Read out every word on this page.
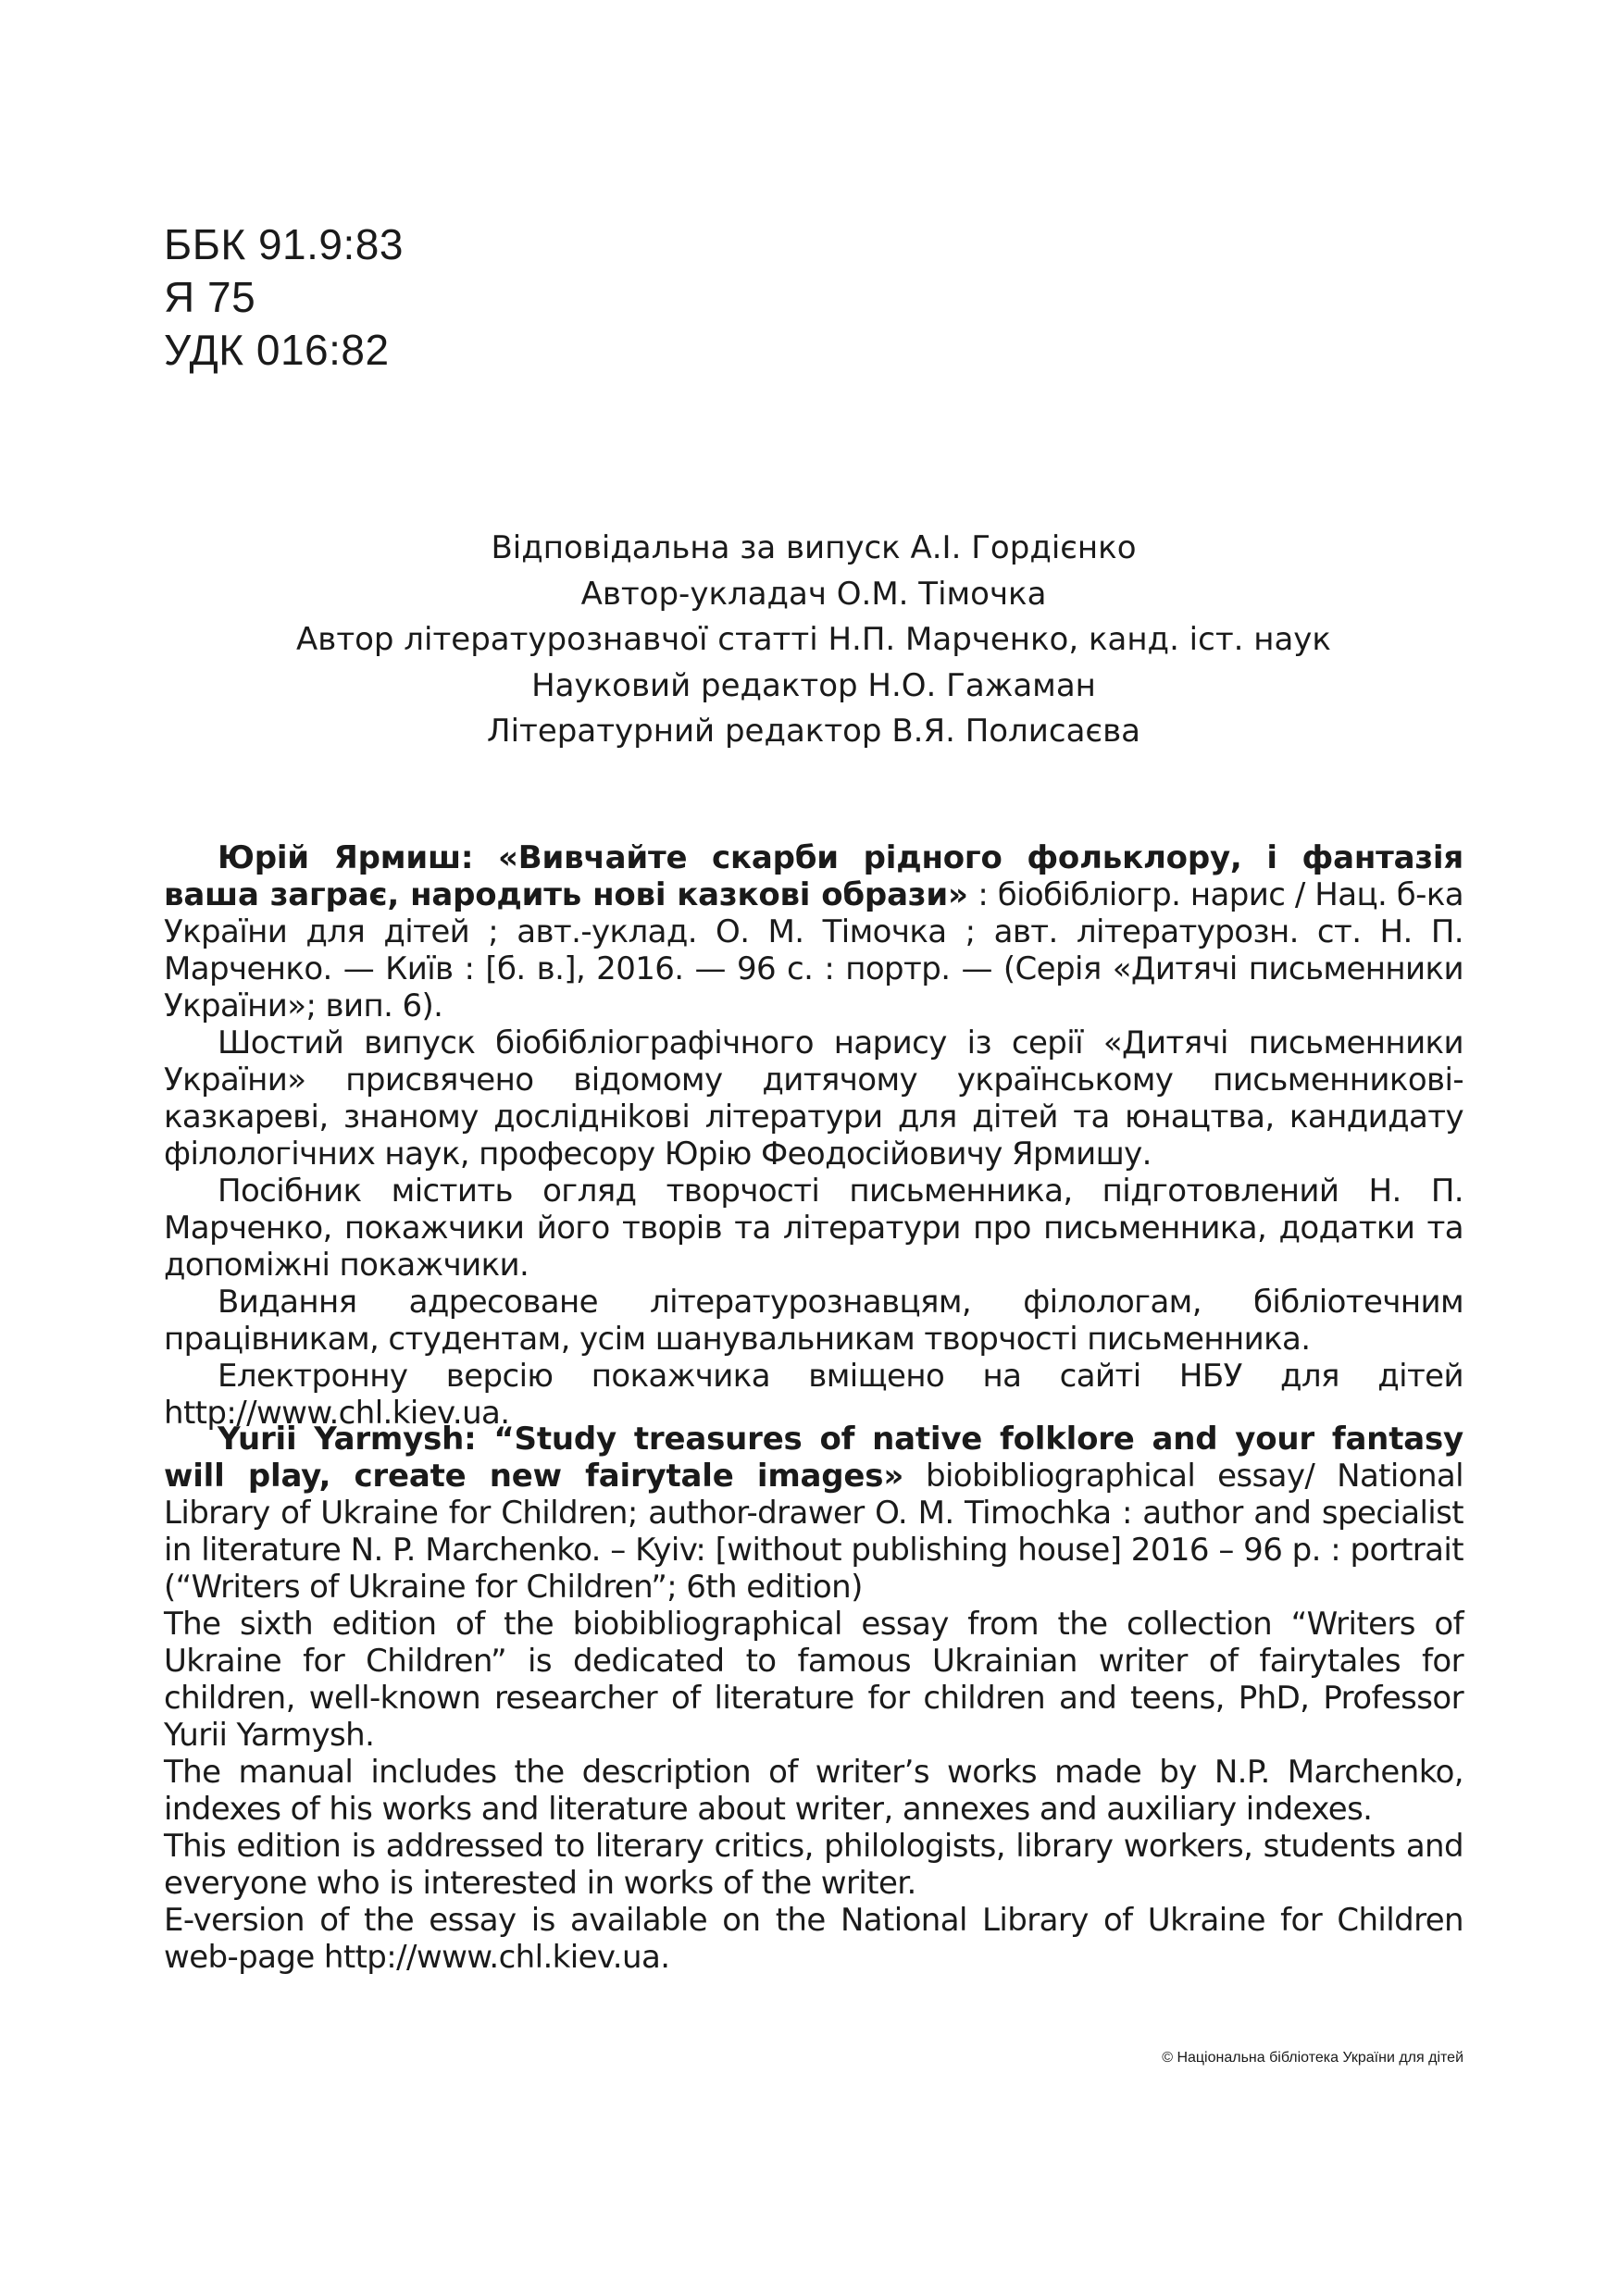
ББК 91.9:83
Я 75
УДК 016:82
Відповідальна за випуск А.І. Гордієнко
Автор-укладач О.М. Тімочка
Автор літературознавчої статті Н.П. Марченко, канд. іст. наук
Науковий редактор Н.О. Гажаман
Літературний редактор В.Я. Полисаєва

Юрій Ярмиш: «Вивчайте скарби рідного фольклору, і фантазія ваша заграє, народить нові казкові образи» : біобібліогр. нарис / Нац. б-ка України для дітей ; авт.-уклад. О. М. Тімочка ; авт. літературозн. ст. Н. П. Марченко. — Київ : [б. в.], 2016. — 96 с. : портр. — (Серія «Дитячі письменники України»; вип. 6).

Шостий випуск біобібліографічного нарису із серії «Дитячі письменники України» присвячено відомому дитячому українському письменникові-казкареві, знаному досліднikові літератури для дітей та юнацтва, кандидату філологічних наук, професору Юрію Феодосійовичу Ярмишу.

Посібник містить огляд творчості письменника, підготовлений Н. П. Марченко, покажчики його творів та літератури про письменника, додатки та допоміжні покажчики.

Видання адресоване літературознавцям, філологам, бібліотечним працівникам, студентам, усім шанувальникам творчості письменника.

Електронну версію покажчика вміщено на сайті НБУ для дітей http://www.chl.kiev.ua.

Yurii Yarmysh: “Study treasures of native folklore and your fantasy will play, create new fairytale images» biobibliographical essay/ National Library of Ukraine for Children; author-drawer O. M. Timochka : author and specialist in literature N. P. Marchenko. – Kyiv: [without publishing house] 2016 – 96 p. : portrait (“Writers of Ukraine for Children”; 6th edition)

The sixth edition of the biobibliographical essay from the collection “Writers of Ukraine for Children” is dedicated to famous Ukrainian writer of fairytales for children, well-known researcher of literature for children and teens, PhD, Professor Yurii Yarmysh.

The manual includes the description of writer’s works made by N.P. Marchenko, indexes of his works and literature about writer, annexes and auxiliary indexes.

This edition is addressed to literary critics, philologists, library workers, students and everyone who is interested in works of the writer.

E-version of the essay is available on the National Library of Ukraine for Children web-page http://www.chl.kiev.ua.

© Національна бібліотека України для дітей
